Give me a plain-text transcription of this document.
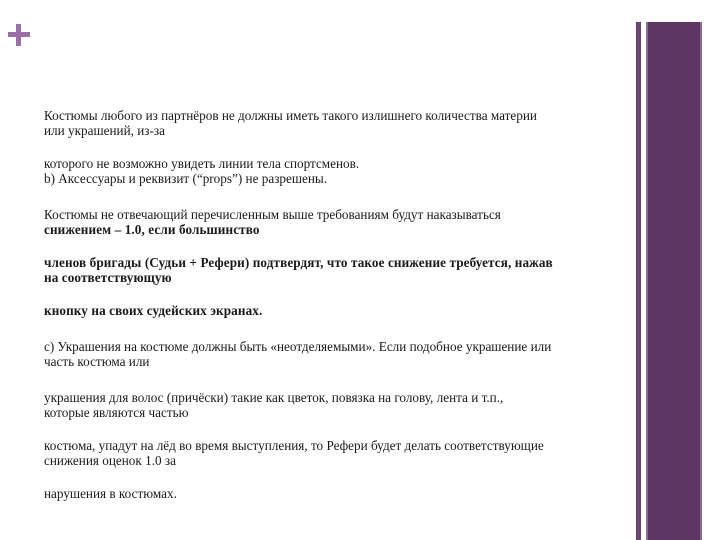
Костюмы любого из партнёров не должны иметь такого излишнего количества материи
или украшений, из-за

которого не возможно увидеть линии тела спортсменов.
b) Аксессуары и реквизит (“props”) не разрешены.

Костюмы не отвечающий перечисленным выше требованиям будут наказываться
снижением – 1.0, если большинство

членов бригады (Судьи + Рефери) подтвердят, что такое снижение требуется, нажав
на соответствующую

кнопку на своих судейских экранах.

c) Украшения на костюме должны быть «неотделяемыми». Если подобное украшение или
часть костюма или

украшения для волос (причёски) такие как цветок, повязка на голову, лента и т.п.,
которые являются частью

костюма, упадут на лёд во время выступления, то Рефери будет делать соответствующие
снижения оценок 1.0 за

нарушения в костюмах.
